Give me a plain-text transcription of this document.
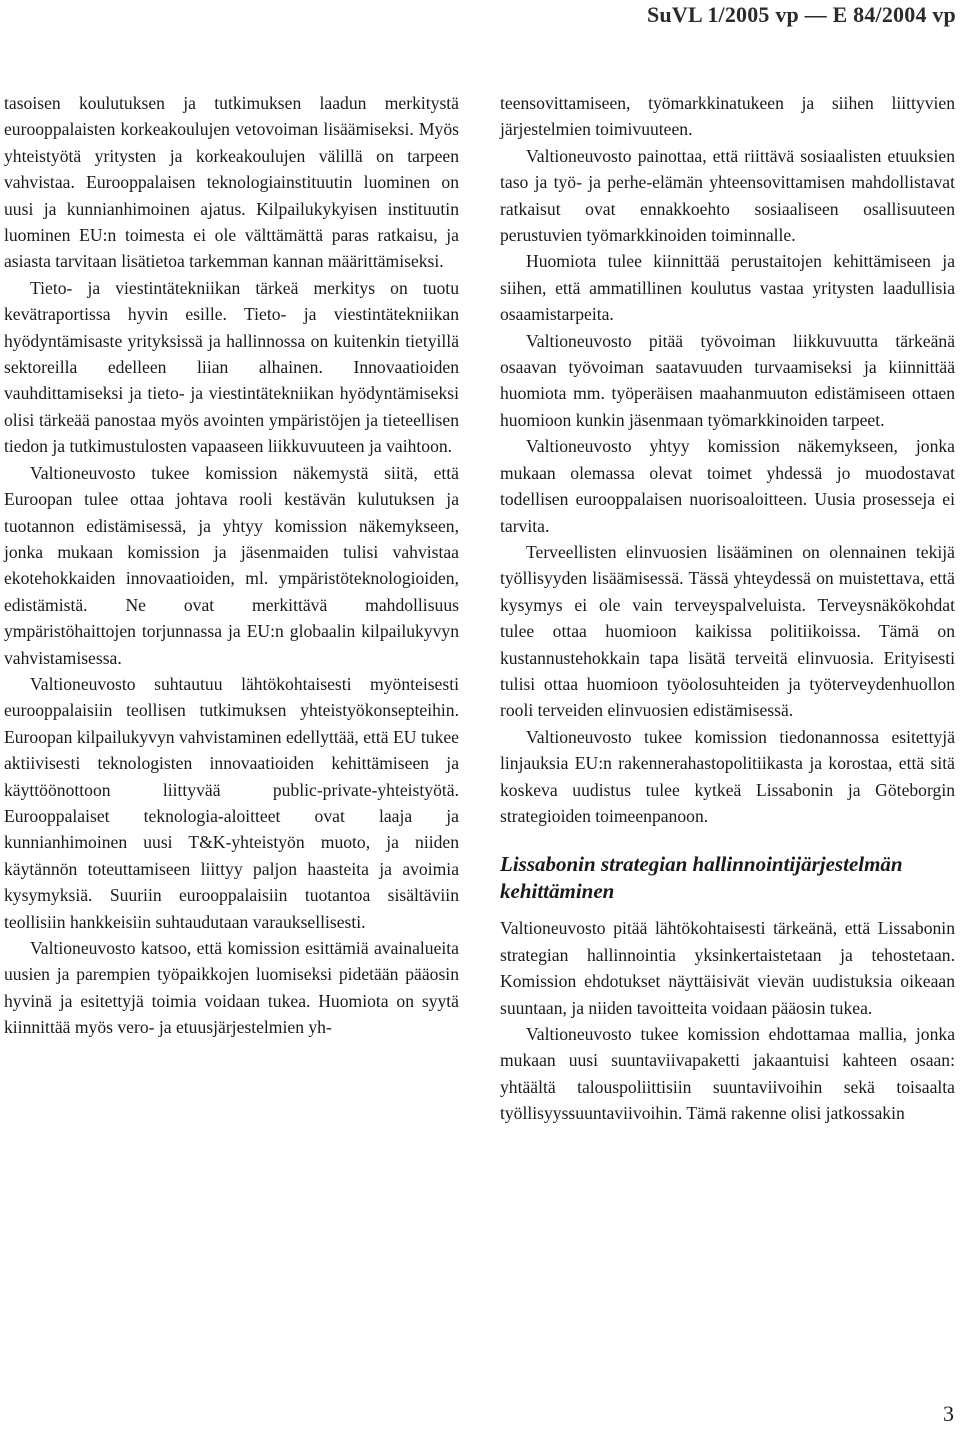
SuVL 1/2005 vp — E 84/2004 vp

tasoisen koulutuksen ja tutkimuksen laadun merkitystä eurooppalaisten korkeakoulujen vetovoiman lisäämiseksi. Myös yhteistyötä yritysten ja korkeakoulujen välillä on tarpeen vahvistaa. Eurooppalaisen teknologiainstituutin luominen on uusi ja kunnianhimoinen ajatus. Kilpailukykyisen instituutin luominen EU:n toimesta ei ole välttämättä paras ratkaisu, ja asiasta tarvitaan lisätietoa tarkemman kannan määrittämiseksi.

Tieto- ja viestintätekniikan tärkeä merkitys on tuotu kevätraportissa hyvin esille. Tieto- ja viestintätekniikan hyödyntämisaste yrityksissä ja hallinnossa on kuitenkin tietyillä sektoreilla edelleen liian alhainen. Innovaatioiden vauhdittamiseksi ja tieto- ja viestintätekniikan hyödyntämiseksi olisi tärkeää panostaa myös avointen ympäristöjen ja tieteellisen tiedon ja tutkimustulosten vapaaseen liikkuvuuteen ja vaihtoon.

Valtioneuvosto tukee komission näkemystä siitä, että Euroopan tulee ottaa johtava rooli kestävän kulutuksen ja tuotannon edistämisessä, ja yhtyy komission näkemykseen, jonka mukaan komission ja jäsenmaiden tulisi vahvistaa ekotehokkaiden innovaatioiden, ml. ympäristöteknologioiden, edistämistä. Ne ovat merkittävä mahdollisuus ympäristöhaittojen torjunnassa ja EU:n globaalin kilpailukyvyn vahvistamisessa.

Valtioneuvosto suhtautuu lähtökohtaisesti myönteisesti eurooppalaisiin teollisen tutkimuksen yhteistyökonsepteihin. Euroopan kilpailukyvyn vahvistaminen edellyttää, että EU tukee aktiivisesti teknologisten innovaatioiden kehittämiseen ja käyttöönottoon liittyvää public-private-yhteistyötä. Eurooppalaiset teknologia-aloitteet ovat laaja ja kunnianhimoinen uusi T&K-yhteistyön muoto, ja niiden käytännön toteuttamiseen liittyy paljon haasteita ja avoimia kysymyksiä. Suuriin eurooppalaisiin tuotantoa sisältäviin teollisiin hankkeisiin suhtaudutaan varauksellisesti.

Valtioneuvosto katsoo, että komission esittämiä avainalueita uusien ja parempien työpaikkojen luomiseksi pidetään pääosin hyvinä ja esitettyjä toimia voidaan tukea. Huomiota on syytä kiinnittää myös vero- ja etuusjärjestelmien yh-

teensovittamiseen, työmarkkinatukeen ja siihen liittyvien järjestelmien toimivuuteen.

Valtioneuvosto painottaa, että riittävä sosiaalisten etuuksien taso ja työ- ja perhe-elämän yhteensovittamisen mahdollistavat ratkaisut ovat ennakkoehto sosiaaliseen osallisuuteen perustuvien työmarkkinoiden toiminnalle.

Huomiota tulee kiinnittää perustaitojen kehittämiseen ja siihen, että ammatillinen koulutus vastaa yritysten laadullisia osaamistarpeita.

Valtioneuvosto pitää työvoiman liikkuvuutta tärkeänä osaavan työvoiman saatavuuden turvaamiseksi ja kiinnittää huomiota mm. työperäisen maahanmuuton edistämiseen ottaen huomioon kunkin jäsenmaan työmarkkinoiden tarpeet.

Valtioneuvosto yhtyy komission näkemykseen, jonka mukaan olemassa olevat toimet yhdessä jo muodostavat todellisen eurooppalaisen nuorisoaloitteen. Uusia prosesseja ei tarvita.

Terveellisten elinvuosien lisääminen on olennainen tekijä työllisyyden lisäämisessä. Tässä yhteydessä on muistettava, että kysymys ei ole vain terveyspalveluista. Terveysnäkökohdat tulee ottaa huomioon kaikissa politiikoissa. Tämä on kustannustehokkain tapa lisätä terveitä elinvuosia. Erityisesti tulisi ottaa huomioon työolosuhteiden ja työterveydenhuollon rooli terveiden elinvuosien edistämisessä.

Valtioneuvosto tukee komission tiedonannossa esitettyjä linjauksia EU:n rakennerahastopolitiikasta ja korostaa, että sitä koskeva uudistus tulee kytkeä Lissabonin ja Göteborgin strategioiden toimeenpanoon.

Lissabonin strategian hallinnointijärjestelmän kehittäminen

Valtioneuvosto pitää lähtökohtaisesti tärkeänä, että Lissabonin strategian hallinnointia yksinkertaistetaan ja tehostetaan. Komission ehdotukset näyttäisivät vievän uudistuksia oikeaan suuntaan, ja niiden tavoitteita voidaan pääosin tukea.

Valtioneuvosto tukee komission ehdottamaa mallia, jonka mukaan uusi suuntaviivapaketti jakaantuisi kahteen osaan: yhtäältä talouspoliittisiin suuntaviivoihin sekä toisaalta työllisyyssuuntaviivoihin. Tämä rakenne olisi jatkossakin

3
